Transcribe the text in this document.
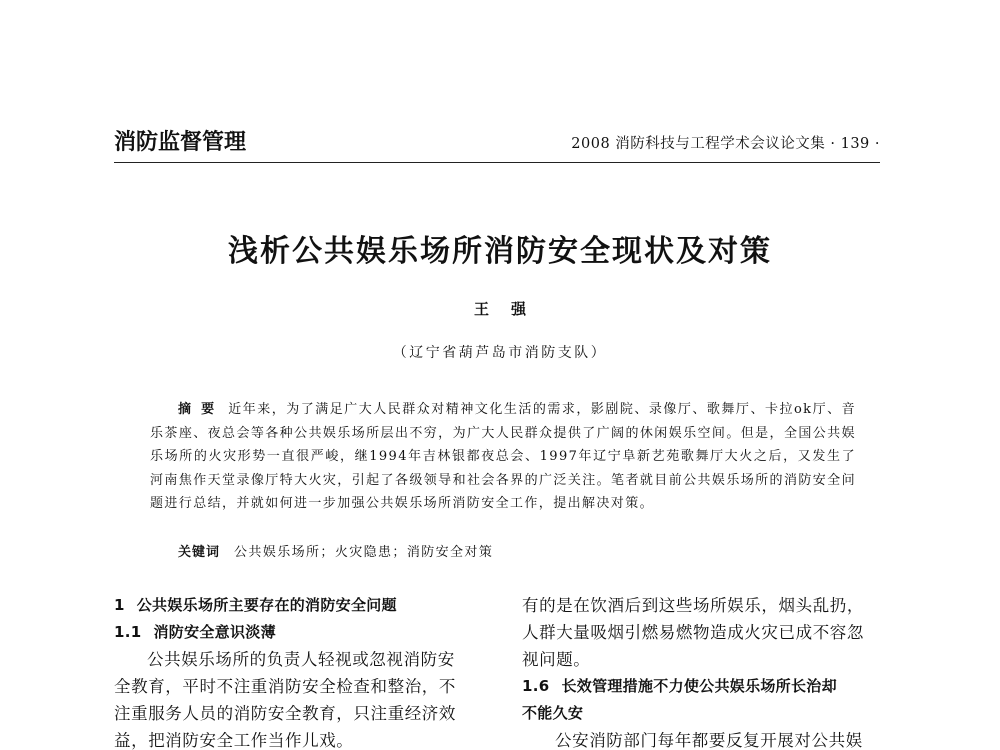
消防监督管理	2008 消防科技与工程学术会议论文集 · 139 ·
浅析公共娱乐场所消防安全现状及对策
王强
（辽宁省葫芦岛市消防支队）
摘要 近年来，为了满足广大人民群众对精神文化生活的需求，影剧院、录像厅、歌舞厅、卡拉ok厅、音乐茶座、夜总会等各种公共娱乐场所层出不穷，为广大人民群众提供了广阔的休闲娱乐空间。但是，全国公共娱乐场所的火灾形势一直很严峻，继1994年吉林银都夜总会、1997年辽宁阜新艺苑歌舞厅大火之后，又发生了河南焦作天堂录像厅特大火灾，引起了各级领导和社会各界的广泛关注。笔者就目前公共娱乐场所的消防安全问题进行总结，并就如何进一步加强公共娱乐场所消防安全工作，提出解决对策。
关键词 公共娱乐场所；火灾隐患；消防安全对策
1 公共娱乐场所主要存在的消防安全问题
1.1 消防安全意识淡薄
公共娱乐场所的负责人轻视或忽视消防安
全教育，平时不注重消防安全检查和整治，不
注重服务人员的消防安全教育，只注重经济效
益，把消防安全工作当作儿戏。
有的是在饮酒后到这些场所娱乐，烟头乱扔，
人群大量吸烟引燃易燃物造成火灾已成不容忽
视问题。
1.6 长效管理措施不力使公共娱乐场所长治却
不能久安
公安消防部门每年都要反复开展对公共娱
